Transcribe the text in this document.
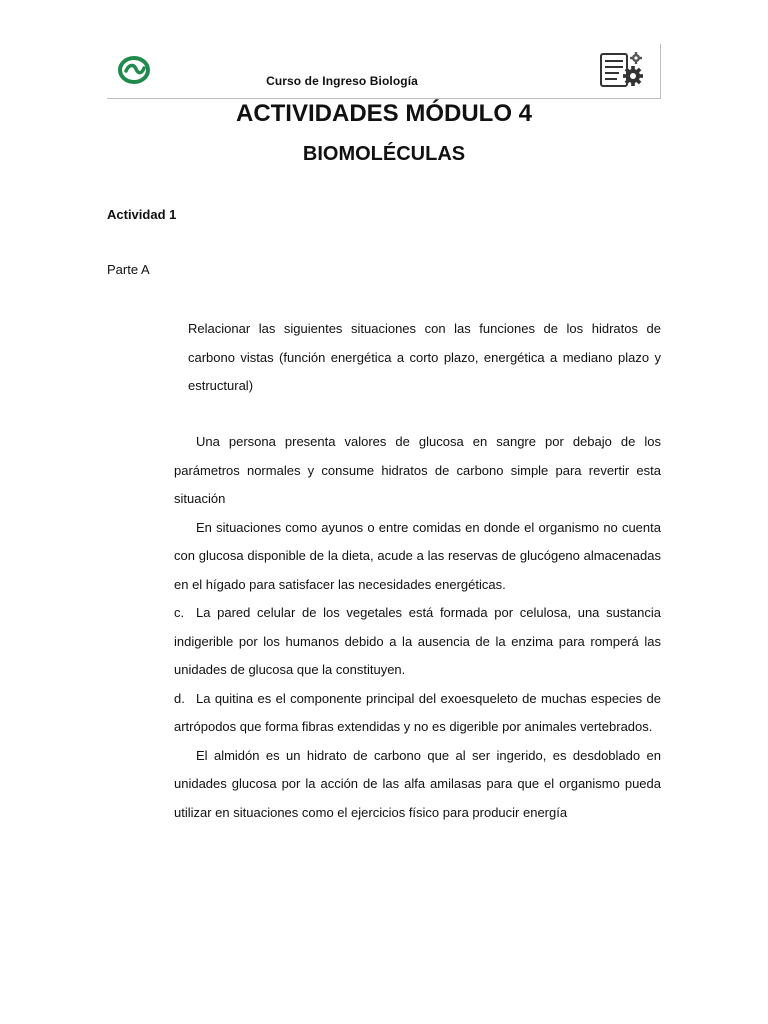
Curso de Ingreso Biología
ACTIVIDADES MÓDULO 4
BIOMOLÉCULAS
Actividad 1
Parte A
Relacionar las siguientes situaciones con las funciones de los hidratos de carbono vistas (función energética a corto plazo, energética a mediano plazo y estructural)

Una persona presenta valores de glucosa en sangre por debajo de los parámetros normales y consume hidratos de carbono simple para revertir esta situación

En situaciones como ayunos o entre comidas en donde el organismo no cuenta con glucosa disponible de la dieta, acude a las reservas de glucógeno almacenadas en el hígado para satisfacer las necesidades energéticas.

c. La pared celular de los vegetales está formada por celulosa, una sustancia indigerible por los humanos debido a la ausencia de la enzima para romperá las unidades de glucosa que la constituyen.

d. La quitina es el componente principal del exoesqueleto de muchas especies de artrópodos que forma fibras extendidas y no es digerible por animales vertebrados.

El almidón es un hidrato de carbono que al ser ingerido, es desdoblado en unidades glucosa por la acción de las alfa amilasas para que el organismo pueda utilizar en situaciones como el ejercicios físico para producir energía
